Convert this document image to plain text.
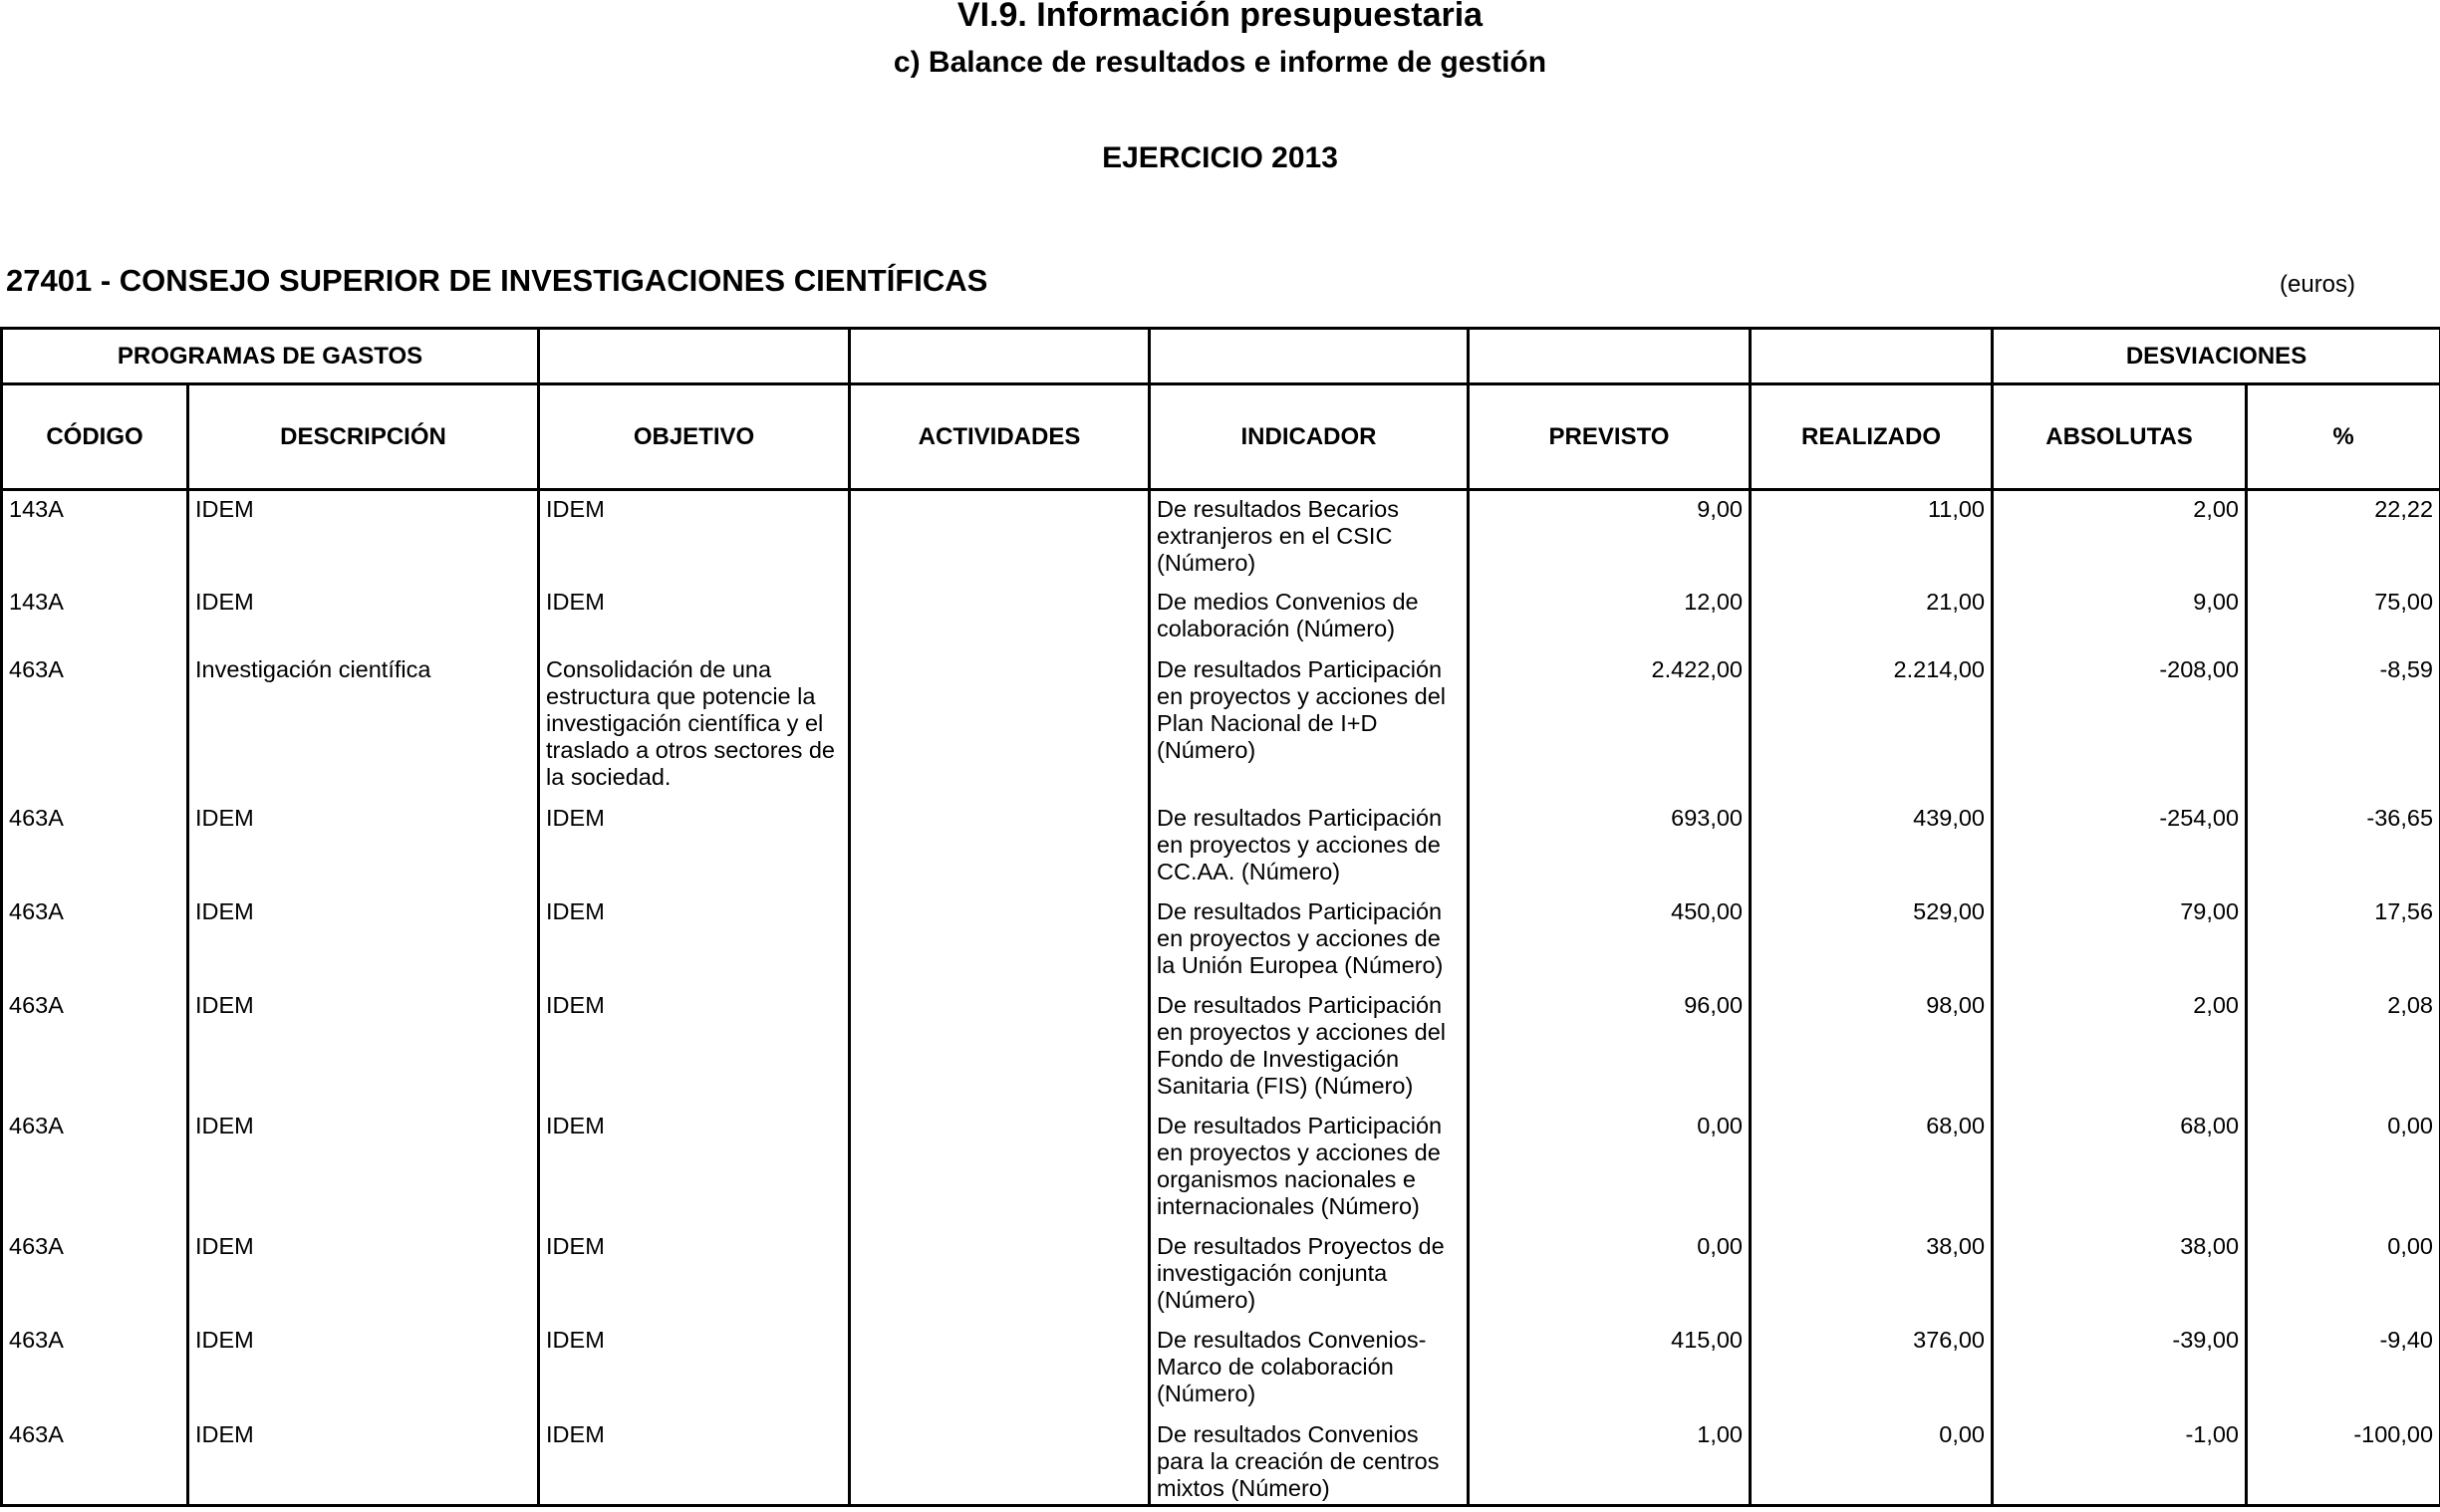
VI.9. Información presupuestaria
c) Balance de resultados e informe de gestión
EJERCICIO 2013
27401 - CONSEJO SUPERIOR DE INVESTIGACIONES CIENTÍFICAS	(euros)
PROGRAMAS DE GASTOS							DESVIACIONES	
CÓDIGO	DESCRIPCIÓN	OBJETIVO	ACTIVIDADES	INDICADOR	PREVISTO	REALIZADO	ABSOLUTAS	%
143A	IDEM	IDEM		De resultados Becarios extranjeros en el CSIC (Número)	9,00	11,00	2,00	22,22
143A	IDEM	IDEM		De medios Convenios de colaboración (Número)	12,00	21,00	9,00	75,00
463A	Investigación científica	Consolidación de una estructura que potencie la investigación científica y el traslado a otros sectores de la sociedad.		De resultados Participación en proyectos y acciones del Plan Nacional de I+D (Número)	2.422,00	2.214,00	-208,00	-8,59
463A	IDEM	IDEM		De resultados Participación en proyectos y acciones de CC.AA. (Número)	693,00	439,00	-254,00	-36,65
463A	IDEM	IDEM		De resultados Participación en proyectos y acciones de la Unión Europea (Número)	450,00	529,00	79,00	17,56
463A	IDEM	IDEM		De resultados Participación en proyectos y acciones del Fondo de Investigación Sanitaria (FIS) (Número)	96,00	98,00	2,00	2,08
463A	IDEM	IDEM		De resultados Participación en proyectos y acciones de organismos nacionales e internacionales (Número)	0,00	68,00	68,00	0,00
463A	IDEM	IDEM		De resultados Proyectos de investigación conjunta (Número)	0,00	38,00	38,00	0,00
463A	IDEM	IDEM		De resultados Convenios-Marco de colaboración (Número)	415,00	376,00	-39,00	-9,40
463A	IDEM	IDEM		De resultados Convenios para la creación de centros mixtos (Número)	1,00	0,00	-1,00	-100,00
